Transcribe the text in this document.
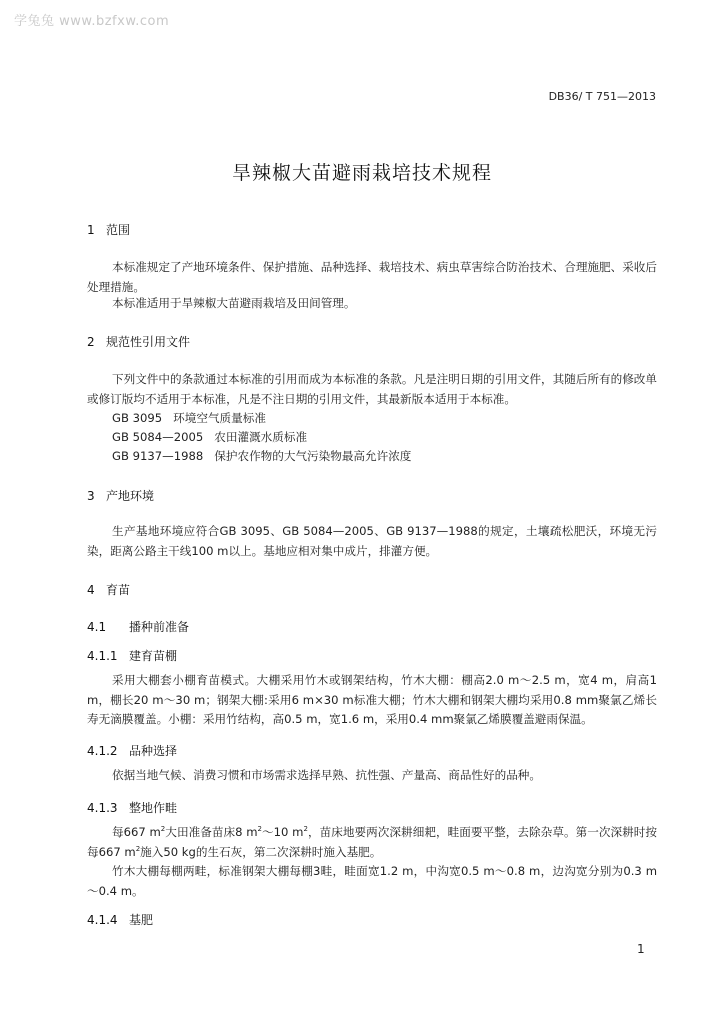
学兔兔 www.bzfxw.com
DB36/ T 751—2013
旱辣椒大苗避雨栽培技术规程
1 范围

本标准规定了产地环境条件、保护措施、品种选择、栽培技术、病虫草害综合防治技术、合理施肥、采收后处理措施。

本标准适用于旱辣椒大苗避雨栽培及田间管理。

2 规范性引用文件

下列文件中的条款通过本标准的引用而成为本标准的条款。凡是注明日期的引用文件，其随后所有的修改单或修订版均不适用于本标准，凡是不注日期的引用文件，其最新版本适用于本标准。

GB 3095   环境空气质量标准
GB 5084—2005   农田灌溉水质标准
GB 9137—1988   保护农作物的大气污染物最高允许浓度
3 产地环境

生产基地环境应符合GB 3095、GB 5084—2005、GB 9137—1988的规定，土壤疏松肥沃，环境无污染，距离公路主干线100 m以上。基地应相对集中成片，排灌方便。

4 育苗
4.1 播种前准备
4.1.1 建育苗棚

采用大棚套小棚育苗模式。大棚采用竹木或钢架结构，竹木大棚：棚高2.0 m～2.5 m，宽4 m，肩高1 m，棚长20 m～30 m；钢架大棚:采用6 m×30 m标准大棚；竹木大棚和钢架大棚均采用0.8 mm聚氯乙烯长寿无滴膜覆盖。小棚：采用竹结构，高0.5 m，宽1.6 m，采用0.4 mm聚氯乙烯膜覆盖避雨保温。

4.1.2 品种选择

依据当地气候、消费习惯和市场需求选择早熟、抗性强、产量高、商品性好的品种。

4.1.3 整地作畦

每667 $m^2$大田准备苗床8 $m^2\sim 10$ $m^2$，苗床地要两次深耕细耙，畦面要平整，去除杂草。第一次深耕时按每667 $m^2$施入50 kg的生石灰，第二次深耕时施入基肥。

竹木大棚每棚两畦，标准钢架大棚每棚3畦，畦面宽1.2 m，中沟宽0.5 m～0.8 m，边沟宽分别为0.3 m～0.4 m。

4.1.4 基肥
1
